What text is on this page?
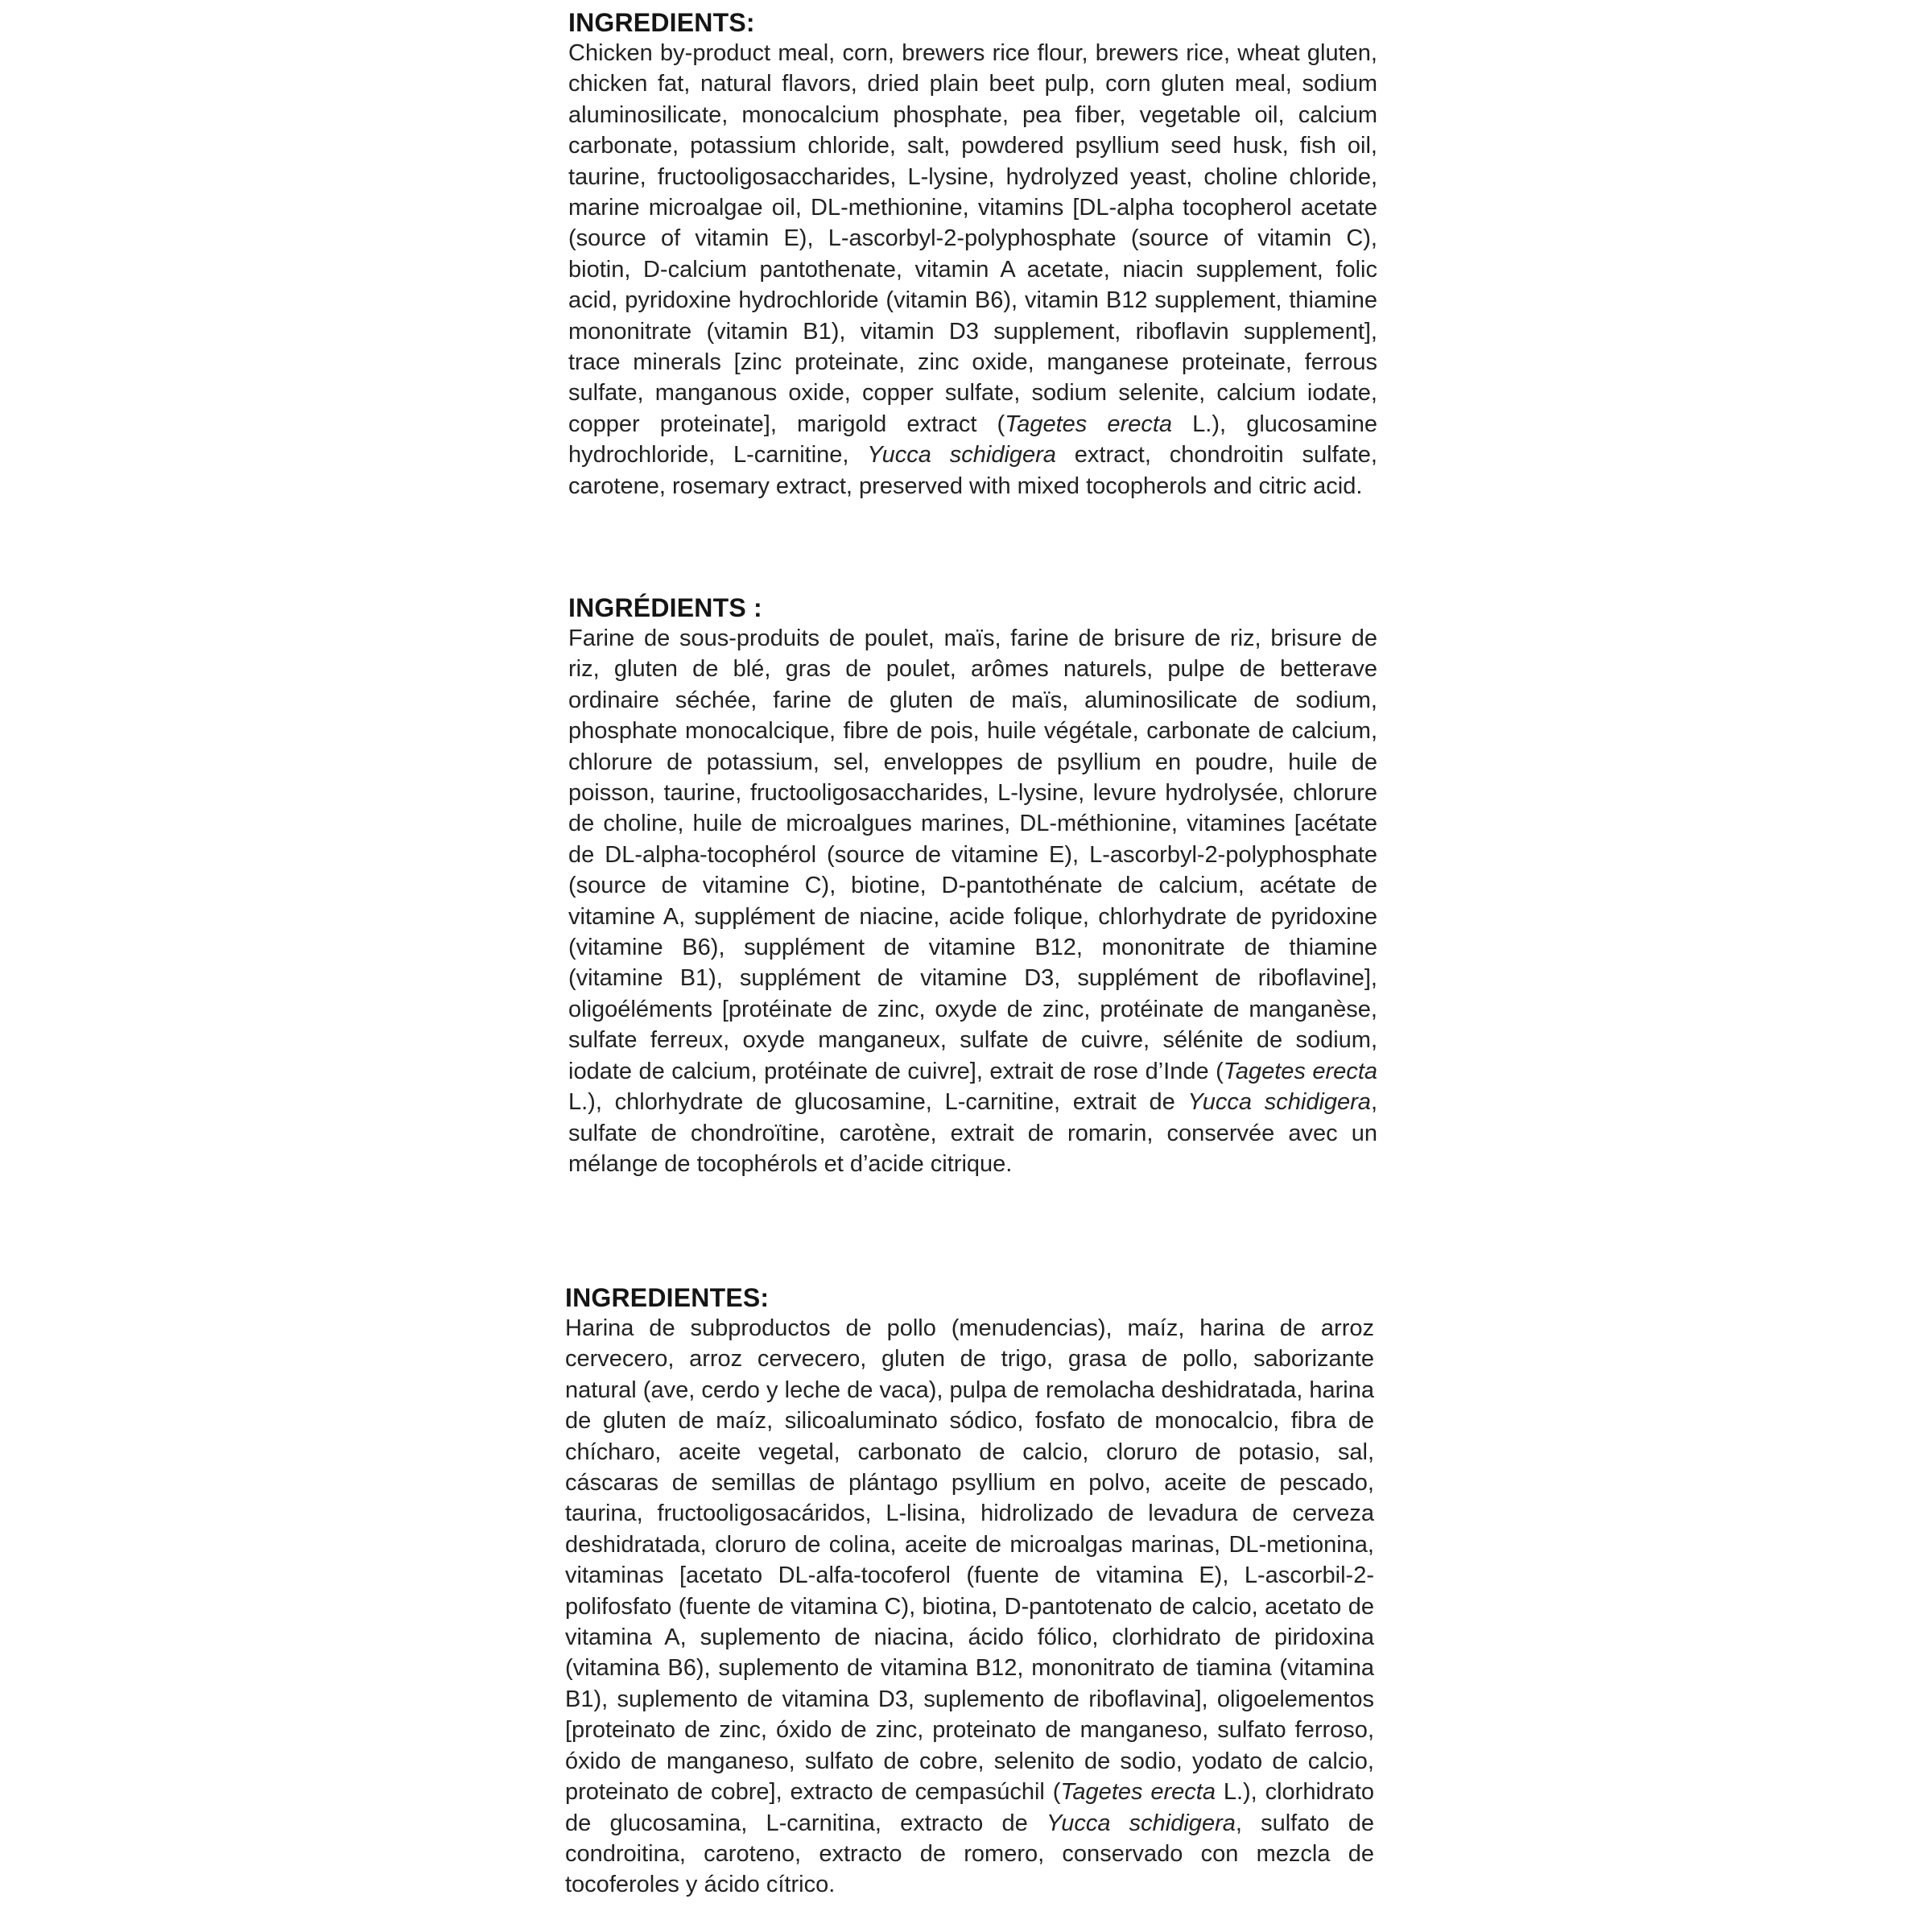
INGREDIENTS:

Chicken by-product meal, corn, brewers rice flour, brewers rice, wheat gluten, chicken fat, natural flavors, dried plain beet pulp, corn gluten meal, sodium aluminosilicate, monocalcium phosphate, pea fiber, vegetable oil, calcium carbonate, potassium chloride, salt, powdered psyllium seed husk, fish oil, taurine, fructooligosaccharides, L-lysine, hydrolyzed yeast, choline chloride, marine microalgae oil, DL-methionine, vitamins [DL-alpha tocopherol acetate (source of vitamin E), L-ascorbyl-2-polyphosphate (source of vitamin C), biotin, D-calcium pantothenate, vitamin A acetate, niacin supplement, folic acid, pyridoxine hydrochloride (vitamin B6), vitamin B12 supplement, thiamine mononitrate (vitamin B1), vitamin D3 supplement, riboflavin supplement], trace minerals [zinc proteinate, zinc oxide, manganese proteinate, ferrous sulfate, manganous oxide, copper sulfate, sodium selenite, calcium iodate, copper proteinate], marigold extract (Tagetes erecta L.), glucosamine hydrochloride, L-carnitine, Yucca schidigera extract, chondroitin sulfate, carotene, rosemary extract, preserved with mixed tocopherols and citric acid.

INGRÉDIENTS :

Farine de sous-produits de poulet, maïs, farine de brisure de riz, brisure de riz, gluten de blé, gras de poulet, arômes naturels, pulpe de betterave ordinaire séchée, farine de gluten de maïs, aluminosilicate de sodium, phosphate monocalcique, fibre de pois, huile végétale, carbonate de calcium, chlorure de potassium, sel, enveloppes de psyllium en poudre, huile de poisson, taurine, fructooligosaccharides, L-lysine, levure hydrolysée, chlorure de choline, huile de microalgues marines, DL-méthionine, vitamines [acétate de DL-alpha-tocophérol (source de vitamine E), L-ascorbyl-2-polyphosphate (source de vitamine C), biotine, D-pantothénate de calcium, acétate de vitamine A, supplément de niacine, acide folique, chlorhydrate de pyridoxine (vitamine B6), supplément de vitamine B12, mononitrate de thiamine (vitamine B1), supplément de vitamine D3, supplément de riboflavine], oligoéléments [protéinate de zinc, oxyde de zinc, protéinate de manganèse, sulfate ferreux, oxyde manganeux, sulfate de cuivre, sélénite de sodium, iodate de calcium, protéinate de cuivre], extrait de rose d’Inde (Tagetes erecta L.), chlorhydrate de glucosamine, L-carnitine, extrait de Yucca schidigera, sulfate de chondroïtine, carotène, extrait de romarin, conservée avec un mélange de tocophérols et d’acide citrique.

INGREDIENTES:

Harina de subproductos de pollo (menudencias), maíz, harina de arroz cervecero, arroz cervecero, gluten de trigo, grasa de pollo, saborizante natural (ave, cerdo y leche de vaca), pulpa de remolacha deshidratada, harina de gluten de maíz, silicoaluminato sódico, fosfato de monocalcio, fibra de chícharo, aceite vegetal, carbonato de calcio, cloruro de potasio, sal, cáscaras de semillas de plántago psyllium en polvo, aceite de pescado, taurina, fructooligosacáridos, L-lisina, hidrolizado de levadura de cerveza deshidratada, cloruro de colina, aceite de microalgas marinas, DL-metionina, vitaminas [acetato DL-alfa-tocoferol (fuente de vitamina E), L-ascorbil-2-polifosfato (fuente de vitamina C), biotina, D-pantotenato de calcio, acetato de vitamina A, suplemento de niacina, ácido fólico, clorhidrato de piridoxina (vitamina B6), suplemento de vitamina B12, mononitrato de tiamina (vitamina B1), suplemento de vitamina D3, suplemento de riboflavina], oligoelementos [proteinato de zinc, óxido de zinc, proteinato de manganeso, sulfato ferroso, óxido de manganeso, sulfato de cobre, selenito de sodio, yodato de calcio, proteinato de cobre], extracto de cempasúchil (Tagetes erecta L.), clorhidrato de glucosamina, L-carnitina, extracto de Yucca schidigera, sulfato de condroitina, caroteno, extracto de romero, conservado con mezcla de tocoferoles y ácido cítrico.
